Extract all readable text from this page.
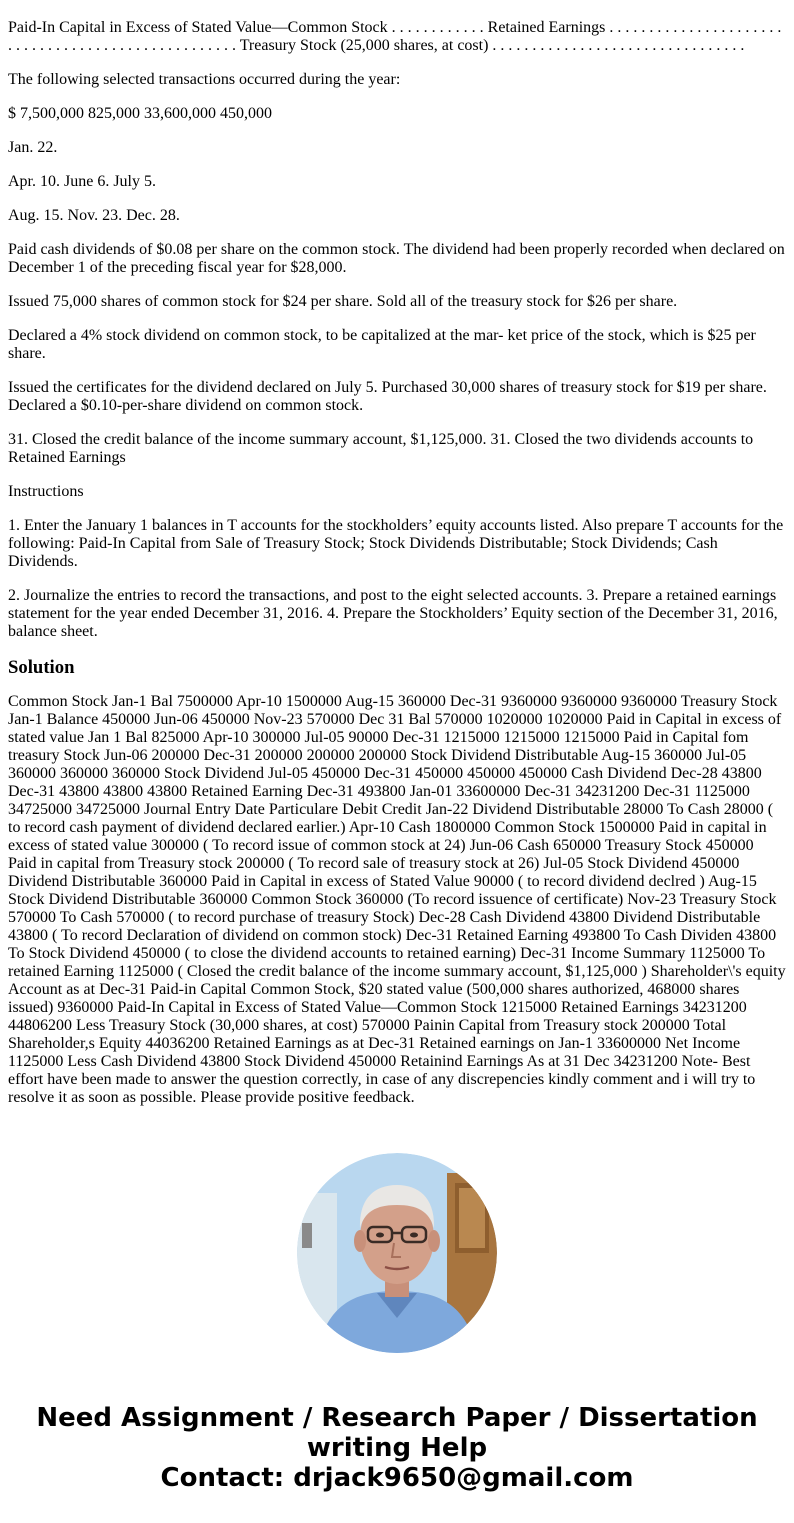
Paid-In Capital in Excess of Stated Value—Common Stock . . . . . . . . . . . . Retained Earnings . . . . . . . . . . . . . . . . . . . . . . . . . . . . . . . . . . . . . . . . . . . . . . . . . . . Treasury Stock (25,000 shares, at cost) . . . . . . . . . . . . . . . . . . . . . . . . . . . . . . . .

The following selected transactions occurred during the year:

$ 7,500,000 825,000 33,600,000 450,000

Jan. 22.

Apr. 10. June 6. July 5.

Aug. 15. Nov. 23. Dec. 28.

Paid cash dividends of $0.08 per share on the common stock. The dividend had been properly recorded when declared on December 1 of the preceding fiscal year for $28,000.

Issued 75,000 shares of common stock for $24 per share. Sold all of the treasury stock for $26 per share.

Declared a 4% stock dividend on common stock, to be capitalized at the mar- ket price of the stock, which is $25 per share.

Issued the certificates for the dividend declared on July 5. Purchased 30,000 shares of treasury stock for $19 per share. Declared a $0.10-per-share dividend on common stock.

31. Closed the credit balance of the income summary account, $1,125,000. 31. Closed the two dividends accounts to Retained Earnings

Instructions

1. Enter the January 1 balances in T accounts for the stockholders’ equity accounts listed. Also prepare T accounts for the following: Paid-In Capital from Sale of Treasury Stock; Stock Dividends Distributable; Stock Dividends; Cash Dividends.

2. Journalize the entries to record the transactions, and post to the eight selected accounts. 3. Prepare a retained earnings statement for the year ended December 31, 2016. 4. Prepare the Stockholders’ Equity section of the December 31, 2016, balance sheet.

Solution

Common Stock Jan-1 Bal 7500000 Apr-10 1500000 Aug-15 360000 Dec-31 9360000 9360000 9360000 Treasury Stock Jan-1 Balance 450000 Jun-06 450000 Nov-23 570000 Dec 31 Bal 570000 1020000 1020000 Paid in Capital in excess of stated value Jan 1 Bal 825000 Apr-10 300000 Jul-05 90000 Dec-31 1215000 1215000 1215000 Paid in Capital fom treasury Stock Jun-06 200000 Dec-31 200000 200000 200000 Stock Dividend Distributable Aug-15 360000 Jul-05 360000 360000 360000 Stock Dividend Jul-05 450000 Dec-31 450000 450000 450000 Cash Dividend Dec-28 43800 Dec-31 43800 43800 43800 Retained Earning Dec-31 493800 Jan-01 33600000 Dec-31 34231200 Dec-31 1125000 34725000 34725000 Journal Entry Date Particulare Debit Credit Jan-22 Dividend Distributable 28000 To Cash 28000 ( to record cash payment of dividend declared earlier.) Apr-10 Cash 1800000 Common Stock 1500000 Paid in capital in excess of stated value 300000 ( To record issue of common stock at 24) Jun-06 Cash 650000 Treasury Stock 450000 Paid in capital from Treasury stock 200000 ( To record sale of treasury stock at 26) Jul-05 Stock Dividend 450000 Dividend Distributable 360000 Paid in Capital in excess of Stated Value 90000 ( to record dividend declred ) Aug-15 Stock Dividend Distributable 360000 Common Stock 360000 (To record issuence of certificate) Nov-23 Treasury Stock 570000 To Cash 570000 ( to record purchase of treasury Stock) Dec-28 Cash Dividend 43800 Dividend Distributable 43800 ( To record Declaration of dividend on common stock) Dec-31 Retained Earning 493800 To Cash Dividen 43800 To Stock Dividend 450000 ( to close the dividend accounts to retained earning) Dec-31 Income Summary 1125000 To retained Earning 1125000 ( Closed the credit balance of the income summary account, $1,125,000 ) Shareholder\'s equity Account as at Dec-31 Paid-in Capital Common Stock, $20 stated value (500,000 shares authorized, 468000 shares issued) 9360000 Paid-In Capital in Excess of Stated Value—Common Stock 1215000 Retained Earnings 34231200 44806200 Less Treasury Stock (30,000 shares, at cost) 570000 Painin Capital from Treasury stock 200000 Total Shareholder,s Equity 44036200 Retained Earnings as at Dec-31 Retained earnings on Jan-1 33600000 Net Income 1125000 Less Cash Dividend 43800 Stock Dividend 450000 Retainind Earnings As at 31 Dec 34231200 Note- Best effort have been made to answer the question correctly, in case of any discrepencies kindly comment and i will try to resolve it as soon as possible. Please provide positive feedback.

Need Assignment / Research Paper / Dissertation
writing Help
Contact: drjack9650@gmail.com
